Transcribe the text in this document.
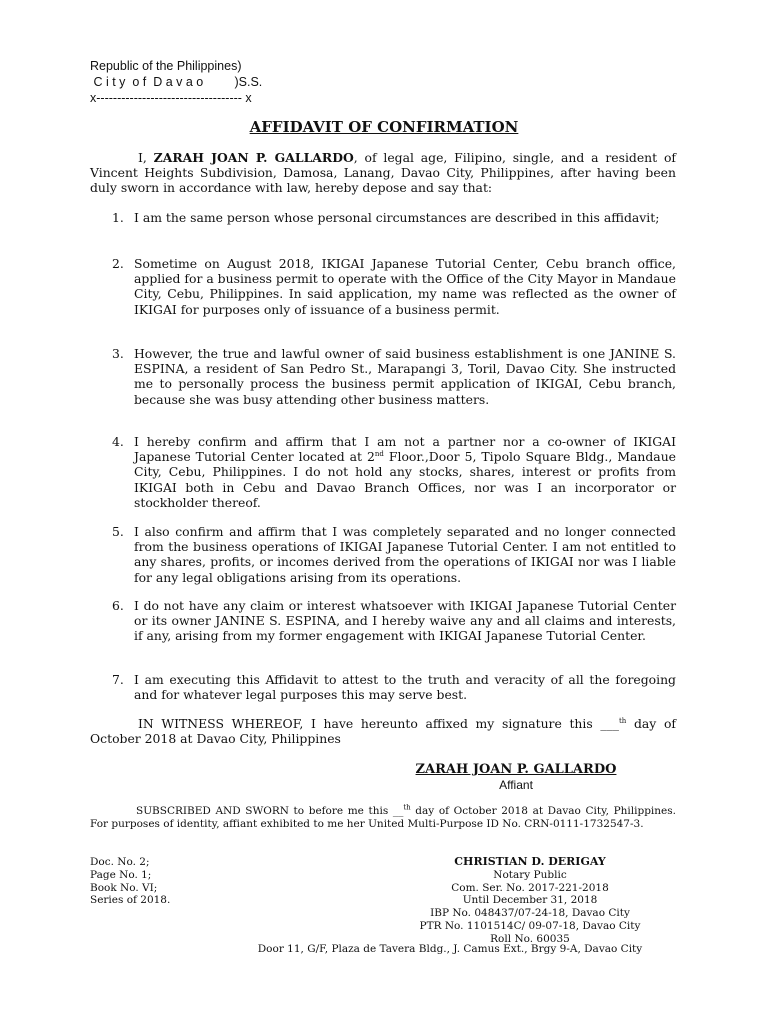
Republic of the Philippines)
C i t y  o f  D a v a o         )S.S.
x----------------------------------- x
AFFIDAVIT OF CONFIRMATION
I, ZARAH JOAN P. GALLARDO, of legal age, Filipino, single, and a resident of Vincent Heights Subdivision, Damosa, Lanang, Davao City, Philippines, after having been duly sworn in accordance with law, hereby depose and say that:
1. I am the same person whose personal circumstances are described in this affidavit;
2. Sometime on August 2018, IKIGAI Japanese Tutorial Center, Cebu branch office, applied for a business permit to operate with the Office of the City Mayor in Mandaue City, Cebu, Philippines. In said application, my name was reflected as the owner of IKIGAI for purposes only of issuance of a business permit.
3. However, the true and lawful owner of said business establishment is one JANINE S. ESPINA, a resident of San Pedro St., Marapangi 3, Toril, Davao City. She instructed me to personally process the business permit application of IKIGAI, Cebu branch, because she was busy attending other business matters.
4. I hereby confirm and affirm that I am not a partner nor a co-owner of IKIGAI Japanese Tutorial Center located at 2nd Floor.,Door 5, Tipolo Square Bldg., Mandaue City, Cebu, Philippines. I do not hold any stocks, shares, interest or profits from IKIGAI both in Cebu and Davao Branch Offices, nor was I an incorporator or stockholder thereof.
5. I also confirm and affirm that I was completely separated and no longer connected from the business operations of IKIGAI Japanese Tutorial Center. I am not entitled to any shares, profits, or incomes derived from the operations of IKIGAI nor was I liable for any legal obligations arising from its operations.
6. I do not have any claim or interest whatsoever with IKIGAI Japanese Tutorial Center or its owner JANINE S. ESPINA, and I hereby waive any and all claims and interests, if any, arising from my former engagement with IKIGAI Japanese Tutorial Center.
7. I am executing this Affidavit to attest to the truth and veracity of all the foregoing and for whatever legal purposes this may serve best.
IN WITNESS WHEREOF, I have hereunto affixed my signature this ___$^{th}$ day of October 2018 at Davao City, Philippines
ZARAH JOAN P. GALLARDO
Affiant
SUBSCRIBED AND SWORN to before me this __$^{th}$ day of October 2018 at Davao City, Philippines. For purposes of identity, affiant exhibited to me her United Multi-Purpose ID No. CRN-0111-1732547-3.
Doc. No. 2;
Page No. 1;
Book No. VI;
Series of 2018.
CHRISTIAN D. DERIGAY
Notary Public
Com. Ser. No. 2017-221-2018
Until December 31, 2018
IBP No. 048437/07-24-18, Davao City
PTR No. 1101514C/ 09-07-18, Davao City
Roll No. 60035
Door 11, G/F, Plaza de Tavera Bldg., J. Camus Ext., Brgy 9-A, Davao City
